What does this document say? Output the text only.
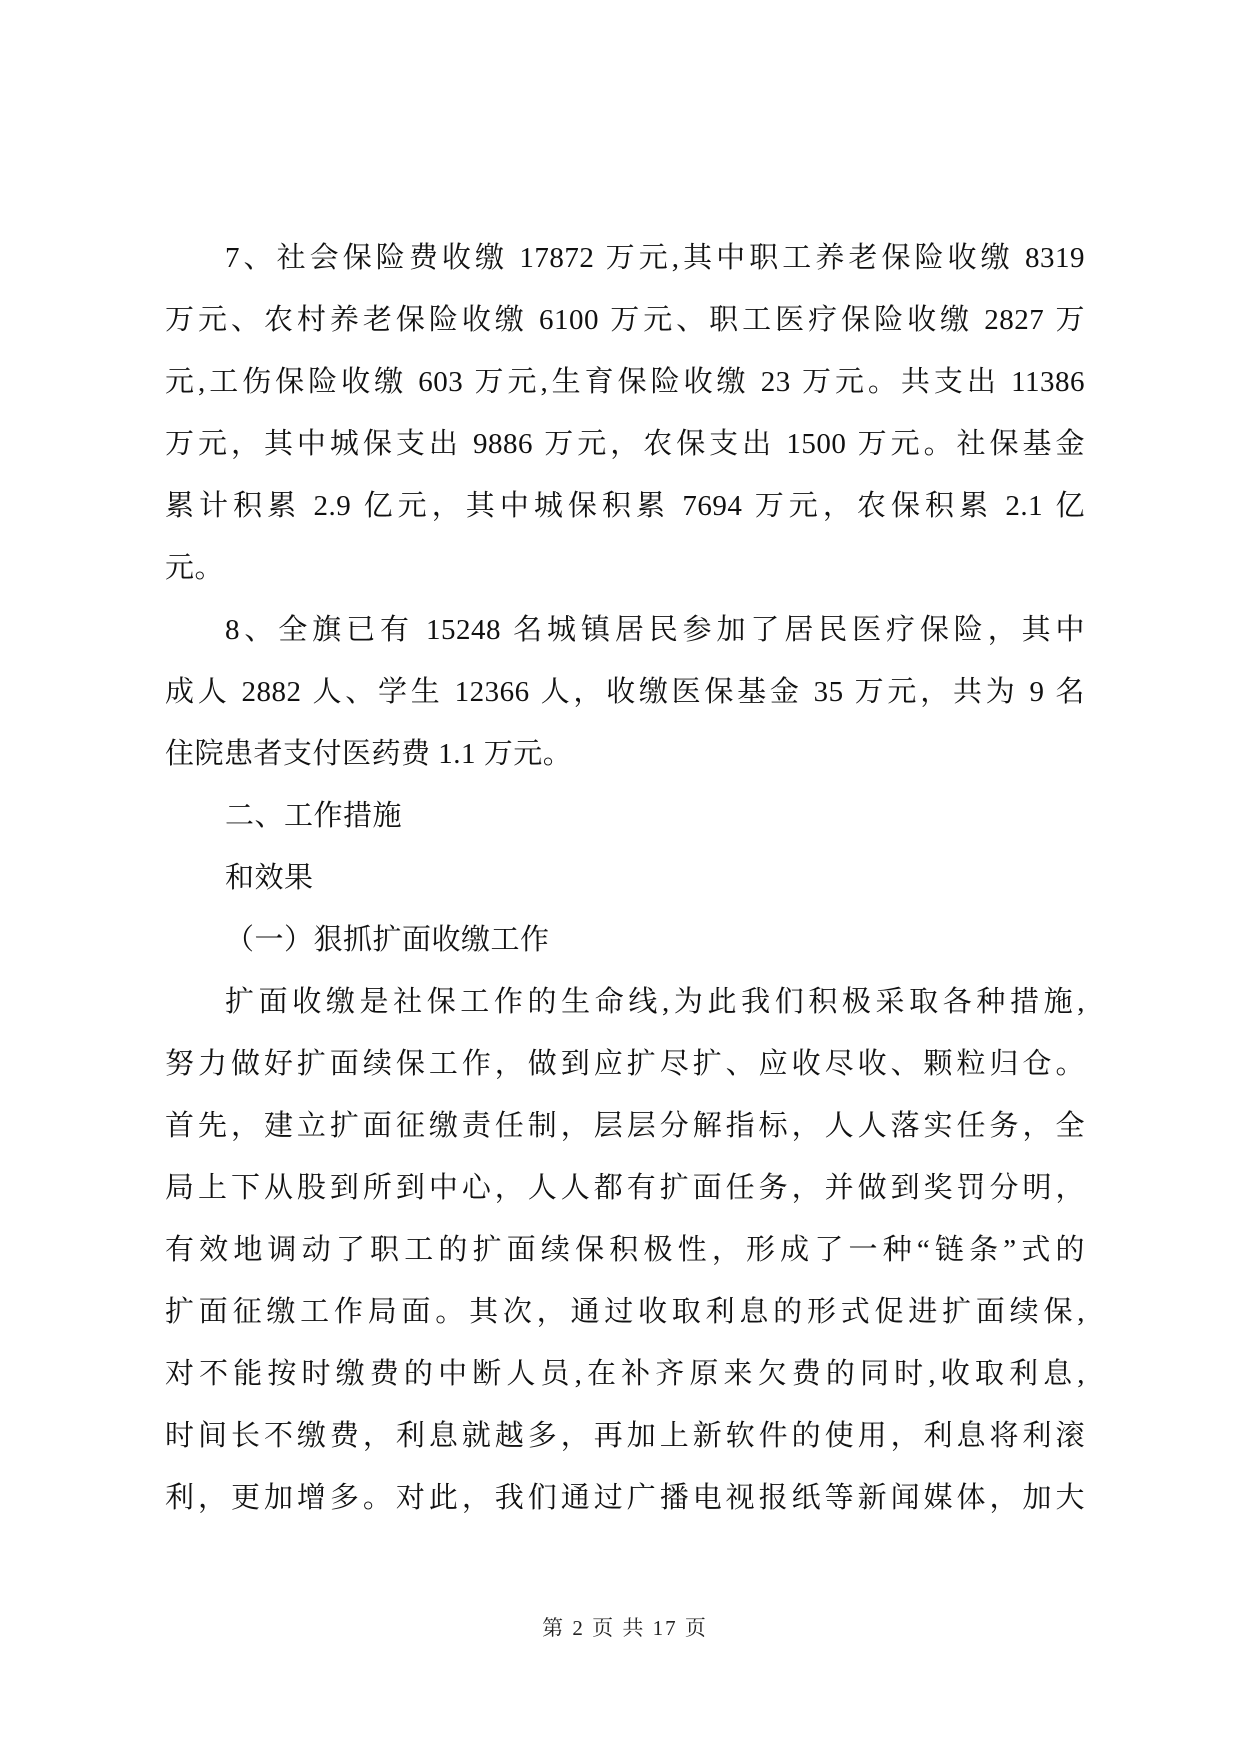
7、社会保险费收缴 17872 万元,其中职工养老保险收缴 8319
万元、农村养老保险收缴 6100 万元、职工医疗保险收缴 2827 万
元,工伤保险收缴 603 万元,生育保险收缴 23 万元。共支出 11386
万元，其中城保支出 9886 万元，农保支出 1500 万元。社保基金
累计积累 2.9 亿元，其中城保积累 7694 万元，农保积累 2.1 亿
元。
8、全旗已有 15248 名城镇居民参加了居民医疗保险，其中
成人 2882 人、学生 12366 人，收缴医保基金 35 万元，共为 9 名
住院患者支付医药费 1.1 万元。
二、工作措施
和效果
（一）狠抓扩面收缴工作
扩面收缴是社保工作的生命线,为此我们积极采取各种措施,
努力做好扩面续保工作，做到应扩尽扩、应收尽收、颗粒归仓。
首先，建立扩面征缴责任制，层层分解指标，人人落实任务，全
局上下从股到所到中心，人人都有扩面任务，并做到奖罚分明，
有效地调动了职工的扩面续保积极性，形成了一种“链条”式的
扩面征缴工作局面。其次，通过收取利息的形式促进扩面续保,
对不能按时缴费的中断人员,在补齐原来欠费的同时,收取利息,
时间长不缴费，利息就越多，再加上新软件的使用，利息将利滚
利，更加增多。对此，我们通过广播电视报纸等新闻媒体，加大
第 2 页 共 17 页
